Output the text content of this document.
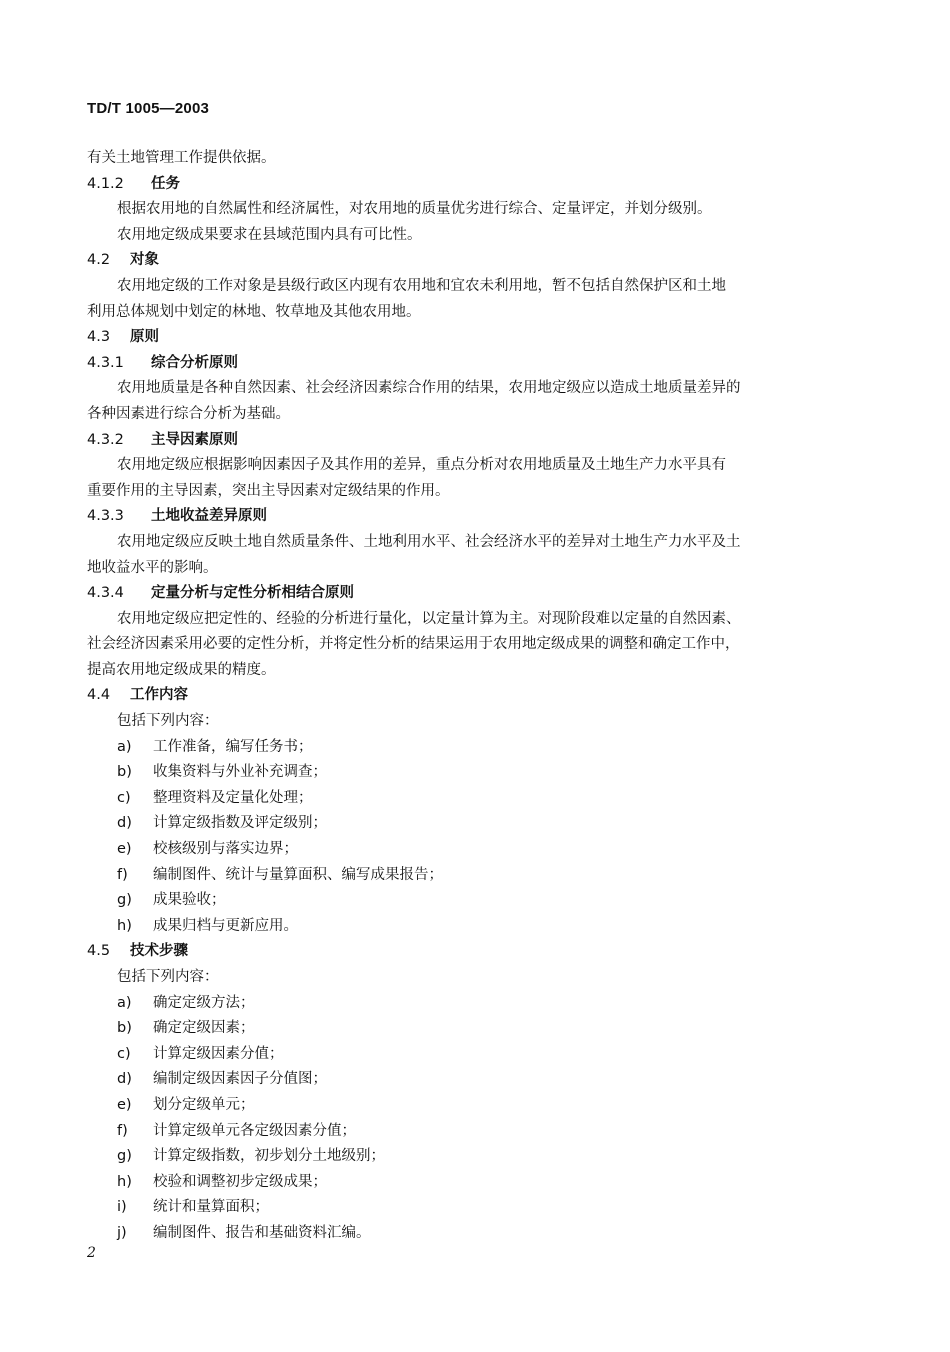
TD/T 1005—2003
有关土地管理工作提供依据。
4.1.2 任务
根据农用地的自然属性和经济属性，对农用地的质量优劣进行综合、定量评定，并划分级别。
农用地定级成果要求在县域范围内具有可比性。
4.2 对象
农用地定级的工作对象是县级行政区内现有农用地和宜农未利用地，暂不包括自然保护区和土地
利用总体规划中划定的林地、牧草地及其他农用地。
4.3 原则
4.3.1 综合分析原则
农用地质量是各种自然因素、社会经济因素综合作用的结果，农用地定级应以造成土地质量差异的
各种因素进行综合分析为基础。
4.3.2 主导因素原则
农用地定级应根据影响因素因子及其作用的差异，重点分析对农用地质量及土地生产力水平具有
重要作用的主导因素，突出主导因素对定级结果的作用。
4.3.3 土地收益差异原则
农用地定级应反映土地自然质量条件、土地利用水平、社会经济水平的差异对土地生产力水平及土
地收益水平的影响。
4.3.4 定量分析与定性分析相结合原则
农用地定级应把定性的、经验的分析进行量化，以定量计算为主。对现阶段难以定量的自然因素、
社会经济因素采用必要的定性分析，并将定性分析的结果运用于农用地定级成果的调整和确定工作中，
提高农用地定级成果的精度。
4.4 工作内容
包括下列内容：
a) 工作准备，编写任务书；
b) 收集资料与外业补充调查；
c) 整理资料及定量化处理；
d) 计算定级指数及评定级别；
e) 校核级别与落实边界；
f) 编制图件、统计与量算面积、编写成果报告；
g) 成果验收；
h) 成果归档与更新应用。
4.5 技术步骤
包括下列内容：
a) 确定定级方法；
b) 确定定级因素；
c) 计算定级因素分值；
d) 编制定级因素因子分值图；
e) 划分定级单元；
f) 计算定级单元各定级因素分值；
g) 计算定级指数，初步划分土地级别；
h) 校验和调整初步定级成果；
i) 统计和量算面积；
j) 编制图件、报告和基础资料汇编。
2
